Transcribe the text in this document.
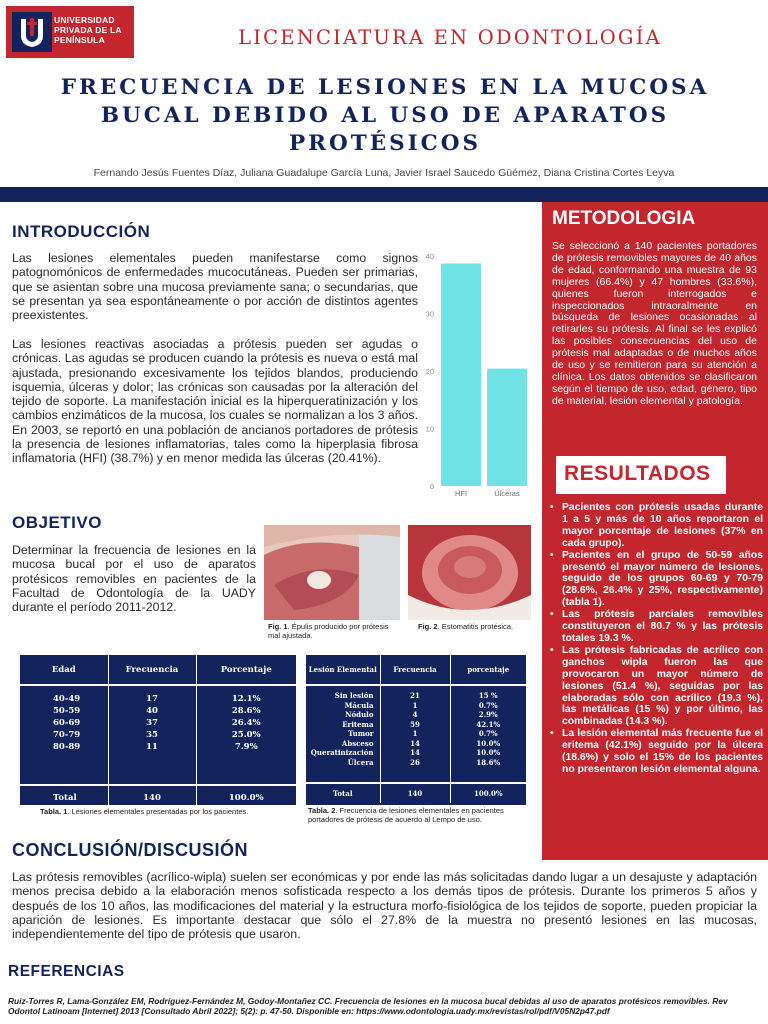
UNIVERSIDAD PRIVADA DE LA PENÍNSULA	LICENCIATURA EN ODONTOLOGÍA
FRECUENCIA DE LESIONES EN LA MUCOSA BUCAL DEBIDO AL USO DE APARATOS PROTÉSICOS
Fernando Jesús Fuentes Díaz, Juliana Guadalupe García Luna, Javier Israel Saucedo Güémez, Diana Cristina Cortes Leyva
INTRODUCCIÓN
Las lesiones elementales pueden manifestarse como signos patognomónicos de enfermedades mucocutáneas. Pueden ser primarias, que se asientan sobre una mucosa previamente sana; o secundarias, que se presentan ya sea espontáneamente o por acción de distintos agentes preexistentes.
Las lesiones reactivas asociadas a prótesis pueden ser agudas o crónicas. Las agudas se producen cuando la prótesis es nueva o está mal ajustada, presionando excesivamente los tejidos blandos, produciendo isquemia, úlceras y dolor; las crónicas son causadas por la alteración del tejido de soporte. La manifestación inicial es la hiperqueratinización y los cambios enzimáticos de la mucosa, los cuales se normalizan a los 3 años. En 2003, se reportó en una población de ancianos portadores de prótesis la presencia de lesiones inflamatorias, tales como la hiperplasia fibrosa inflamatoria (HFI) (38.7%) y en menor medida las úlceras (20.41%).
0
10
20
30
40
HFI	Úlceras
OBJETIVO
Determinar la frecuencia de lesiones en la mucosa bucal por el uso de aparatos protésicos removibles en pacientes de la Facultad de Odontología de la UADY durante el período 2011-2012.
Fig. 1. Épulis producido por prótesis mal ajustada.
Fig. 2. Estomatitis protésica.
Edad	Frecuencia	Porcentaje

40-49	17	12.1%
50-59	40	28.6%
60-69	37	26.4%
70-79	35	25.0%
80-89	11	7.9%

Total	140	100.0%
Tabla. 1. Lesiones elementales presentadas por los pacientes.
Lesión Elemental	Frecuencia	porcentaje

Sin lesión	21	15 %
Mácula	1	0.7%
Nódulo	4	2.9%
Eritema	59	42.1%
Tumor	1	0.7%
Absceso	14	10.0%
Queratinización	14	10.0%
Úlcera	26	18.6%

Total	140	100.0%
Tabla. 2. Frecuencia de lesiones elementales en pacientes portadores de prótesis de acuerdo al Lempo de uso.
METODOLOGIA
Se seleccionó a 140 pacientes portadores de prótesis removibles mayores de 40 años de edad, conformando una muestra de 93 mujeres (66.4%) y 47 hombres (33.6%), quienes fueron interrogados e inspeccionados intraoralmente en búsqueda de lesiones ocasionadas al retirarles su prótesis. Al final se les explicó las posibles consecuencias del uso de prótesis mal adaptadas o de muchos años de uso y se remitieron para su atención a clínica. Los datos obtenidos se clasificaron según el tiempo de uso, edad, género, tipo de material, lesión elemental y patología.
RESULTADOS
• Pacientes con prótesis usadas durante 1 a 5 y más de 10 años reportaron el mayor porcentaje de lesiones (37% en cada grupo).
• Pacientes en el grupo de 50-59 años presentó el mayor número de lesiones, seguido de los grupos 60-69 y 70-79 (28.6%, 26.4% y 25%, respectivamente) (tabla 1).
• Las prótesis parciales removibles constituyeron el 80.7 % y las prótesis totales 19.3 %.
• Las prótesis fabricadas de acrílico con ganchos wipla fueron las que provocaron un mayor número de lesiones (51.4 %), seguidas por las elaboradas sólo con acrílico (19.3 %), las metálicas (15 %) y por último, las combinadas (14.3 %).
• La lesión elemental más frecuente fue el eritema (42.1%) seguido por la úlcera (18.6%) y solo el 15% de los pacientes no presentaron lesión elemental alguna.
CONCLUSIÓN/DISCUSIÓN
Las prótesis removibles (acrílico-wipla) suelen ser económicas y por ende las más solicitadas dando lugar a un desajuste y adaptación menos precisa debido a la elaboración menos sofisticada respecto a los demás tipos de prótesis. Durante los primeros 5 años y después de los 10 años, las modificaciones del material y la estructura morfo-fisiológica de los tejidos de soporte, pueden propiciar la aparición de lesiones. Es importante destacar que sólo el 27.8% de la muestra no presentó lesiones en las mucosas, independientemente del tipo de prótesis que usaron.
REFERENCIAS
Ruiz-Torres R, Lama-González EM, Rodríguez-Fernández M, Godoy-Montañez CC. Frecuencia de lesiones en la mucosa bucal debidas al uso de aparatos protésicos removibles. Rev Odontol Latinoam [Internet] 2013 [Consultado Abril 2022]; 5(2): p. 47-50. Disponible en: https://www.odontologia.uady.mx/revistas/rol/pdf/V05N2p47.pdf
